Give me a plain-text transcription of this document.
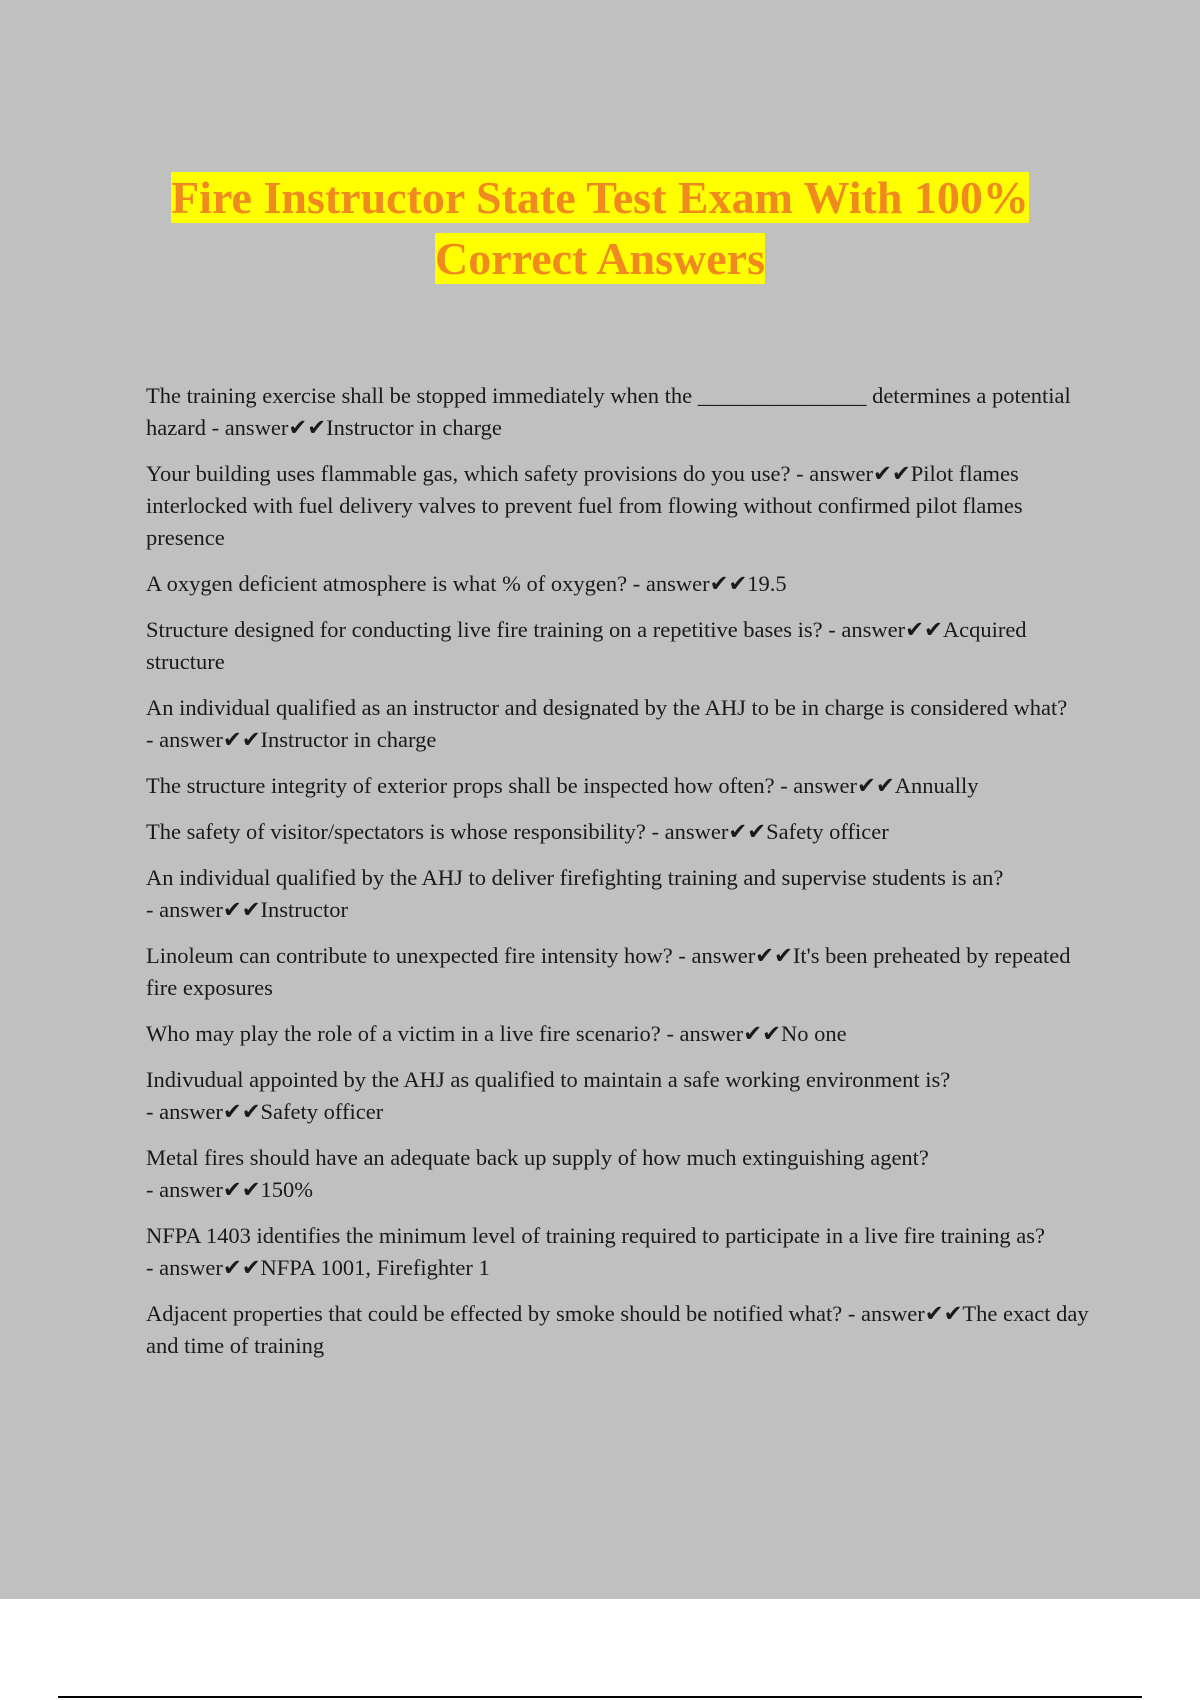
Fire Instructor State Test Exam With 100%
Correct Answers

The training exercise shall be stopped immediately when the _______________ determines a potential hazard - answer✔✔Instructor in charge

Your building uses flammable gas, which safety provisions do you use? - answer✔✔Pilot flames interlocked with fuel delivery valves to prevent fuel from flowing without confirmed pilot flames presence

A oxygen deficient atmosphere is what % of oxygen? - answer✔✔19.5

Structure designed for conducting live fire training on a repetitive bases is? - answer✔✔Acquired structure

An individual qualified as an instructor and designated by the AHJ to be in charge is considered what? - answer✔✔Instructor in charge

The structure integrity of exterior props shall be inspected how often? - answer✔✔Annually

The safety of visitor/spectators is whose responsibility? - answer✔✔Safety officer

An individual qualified by the AHJ to deliver firefighting training and supervise students is an? - answer✔✔Instructor

Linoleum can contribute to unexpected fire intensity how? - answer✔✔It's been preheated by repeated fire exposures

Who may play the role of a victim in a live fire scenario? - answer✔✔No one

Indivudual appointed by the AHJ as qualified to maintain a safe working environment is? - answer✔✔Safety officer

Metal fires should have an adequate back up supply of how much extinguishing agent? - answer✔✔150%

NFPA 1403 identifies the minimum level of training required to participate in a live fire training as? - answer✔✔NFPA 1001, Firefighter 1

Adjacent properties that could be effected by smoke should be notified what? - answer✔✔The exact day and time of training
